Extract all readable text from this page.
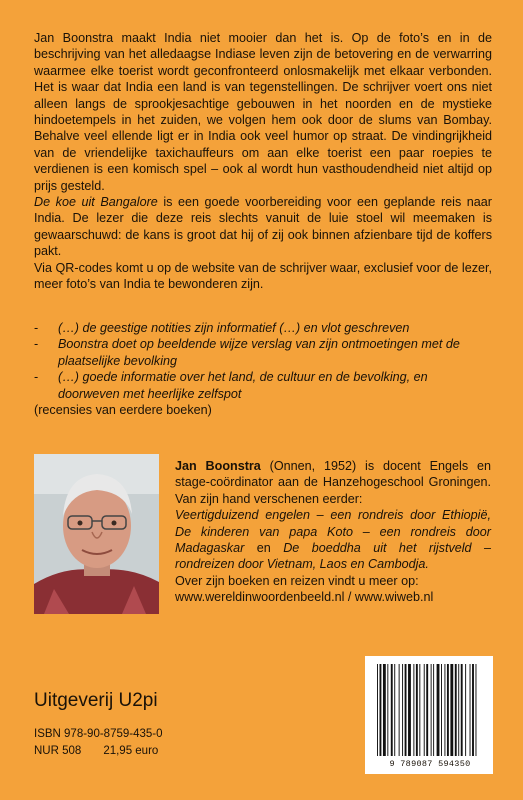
Jan Boonstra maakt India niet mooier dan het is. Op de foto’s en in de beschrijving van het alledaagse Indiase leven zijn de betovering en de verwarring waarmee elke toerist wordt geconfronteerd onlosmakelijk met elkaar verbonden. Het is waar dat India een land is van tegenstellingen. De schrijver voert ons niet alleen langs de sprookjesachtige gebouwen in het noorden en de mystieke hindoetempels in het zuiden, we volgen hem ook door de slums van Bombay. Behalve veel ellende ligt er in India ook veel humor op straat. De vindingrijkheid van de vriendelijke taxichauffeurs om aan elke toerist een paar roepies te verdienen is een komisch spel – ook al wordt hun vasthoudendheid niet altijd op prijs gesteld.

De koe uit Bangalore is een goede voorbereiding voor een geplande reis naar India. De lezer die deze reis slechts vanuit de luie stoel wil meemaken is gewaarschuwd: de kans is groot dat hij of zij ook binnen afzienbare tijd de koffers pakt.

Via QR-codes komt u op de website van de schrijver waar, exclusief voor de lezer, meer foto’s van India te bewonderen zijn.

- (…) de geestige notities zijn informatief (…) en vlot geschreven
- Boonstra doet op beeldende wijze verslag van zijn ontmoetingen met de plaatselijke bevolking
- (…) goede informatie over het land, de cultuur en de bevolking, en doorweven met heerlijke zelfspot
(recensies van eerdere boeken)

Jan Boonstra (Onnen, 1952) is docent Engels en stage-coördinator aan de Hanzehogeschool Groningen. Van zijn hand verschenen eerder:

Veertigduizend engelen – een rondreis door Ethiopië, De kinderen van papa Koto – een rondreis door Madagaskar en De boeddha uit het rijstveld – rondreizen door Vietnam, Laos en Cambodja.

Over zijn boeken en reizen vindt u meer op:

www.wereldinwoordenbeeld.nl / www.wiweb.nl

Uitgeverij U2pi
ISBN 978-90-8759-435-0
NUR 508 21,95 euro
9 789087 594350
